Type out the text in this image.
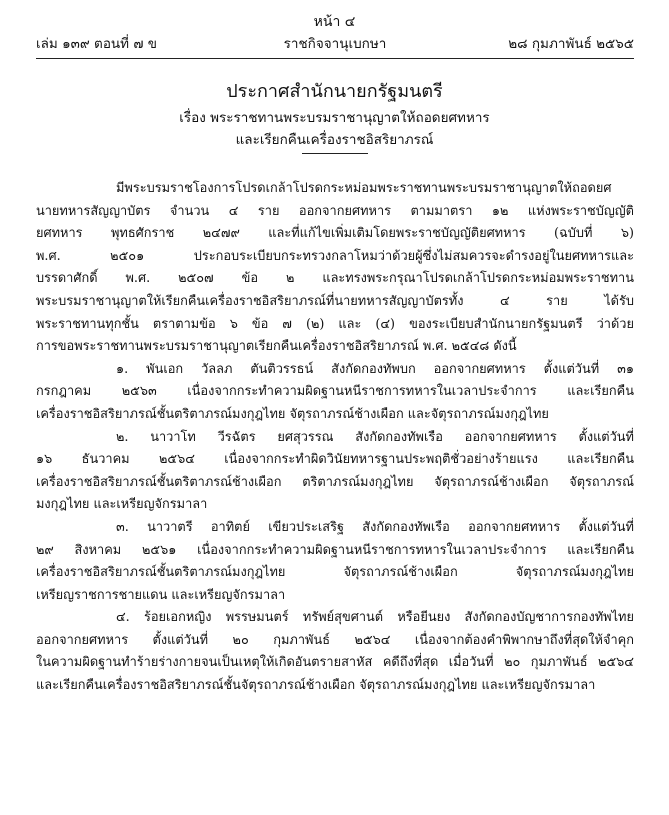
หน้า ๔
เล่ม ๑๓๙ ตอนที่ ๗ ข	ราชกิจจานุเบกษา	๒๘ กุมภาพันธ์ ๒๕๖๕
ประกาศสำนักนายกรัฐมนตรี
เรื่อง พระราชทานพระบรมราชานุญาตให้ถอดยศทหาร
และเรียกคืนเครื่องราชอิสริยาภรณ์
มีพระบรมราชโองการโปรดเกล้าโปรดกระหม่อมพระราชทานพระบรมราชานุญาตให้ถอดยศ
นายทหารสัญญาบัตร จำนวน ๔ ราย ออกจากยศทหาร ตามมาตรา ๑๒ แห่งพระราชบัญญัติ
ยศทหาร พุทธศักราช ๒๔๗๙ และที่แก้ไขเพิ่มเติมโดยพระราชบัญญัติยศทหาร (ฉบับที่ ๖)
พ.ศ. ๒๕๐๑ ประกอบระเบียบกระทรวงกลาโหมว่าด้วยผู้ซึ่งไม่สมควรจะดำรงอยู่ในยศทหารและ
บรรดาศักดิ์ พ.ศ. ๒๕๐๗ ข้อ ๒ และทรงพระกรุณาโปรดเกล้าโปรดกระหม่อมพระราชทาน
พระบรมราชานุญาตให้เรียกคืนเครื่องราชอิสริยาภรณ์ที่นายทหารสัญญาบัตรทั้ง ๔ ราย ได้รับ
พระราชทานทุกชั้น ตราตามข้อ ๖ ข้อ ๗ (๒) และ (๔) ของระเบียบสำนักนายกรัฐมนตรี ว่าด้วย
การขอพระราชทานพระบรมราชานุญาตเรียกคืนเครื่องราชอิสริยาภรณ์ พ.ศ. ๒๕๔๘ ดังนี้
๑. พันเอก วัลลภ ตันติวรรธน์ สังกัดกองทัพบก ออกจากยศทหาร ตั้งแต่วันที่ ๓๑
กรกฎาคม ๒๕๖๓ เนื่องจากกระทำความผิดฐานหนีราชการทหารในเวลาประจำการ และเรียกคืน
เครื่องราชอิสริยาภรณ์ชั้นตริตาภรณ์มงกุฎไทย จัตุรถาภรณ์ช้างเผือก และจัตุรถาภรณ์มงกุฎไทย
๒. นาวาโท วีรฉัตร ยศสุวรรณ สังกัดกองทัพเรือ ออกจากยศทหาร ตั้งแต่วันที่
๑๖ ธันวาคม ๒๕๖๔ เนื่องจากกระทำผิดวินัยทหารฐานประพฤติชั่วอย่างร้ายแรง และเรียกคืน
เครื่องราชอิสริยาภรณ์ชั้นตริตาภรณ์ช้างเผือก ตริตาภรณ์มงกุฎไทย จัตุรถาภรณ์ช้างเผือก จัตุรถาภรณ์
มงกุฎไทย และเหรียญจักรมาลา
๓. นาวาตรี อาทิตย์ เขียวประเสริฐ สังกัดกองทัพเรือ ออกจากยศทหาร ตั้งแต่วันที่
๒๙ สิงหาคม ๒๕๖๑ เนื่องจากกระทำความผิดฐานหนีราชการทหารในเวลาประจำการ และเรียกคืน
เครื่องราชอิสริยาภรณ์ชั้นตริตาภรณ์มงกุฎไทย จัตุรถาภรณ์ช้างเผือก จัตุรถาภรณ์มงกุฎไทย
เหรียญราชการชายแดน และเหรียญจักรมาลา
๔. ร้อยเอกหญิง พรรษมนตร์ ทรัพย์สุขศานต์ หรือยีนยง สังกัดกองบัญชาการกองทัพไทย
ออกจากยศทหาร ตั้งแต่วันที่ ๒๐ กุมภาพันธ์ ๒๕๖๔ เนื่องจากต้องคำพิพากษาถึงที่สุดให้จำคุก
ในความผิดฐานทำร้ายร่างกายจนเป็นเหตุให้เกิดอันตรายสาหัส คดีถึงที่สุด เมื่อวันที่ ๒๐ กุมภาพันธ์ ๒๕๖๔
และเรียกคืนเครื่องราชอิสริยาภรณ์ชั้นจัตุรถาภรณ์ช้างเผือก จัตุรถาภรณ์มงกุฎไทย และเหรียญจักรมาลา
